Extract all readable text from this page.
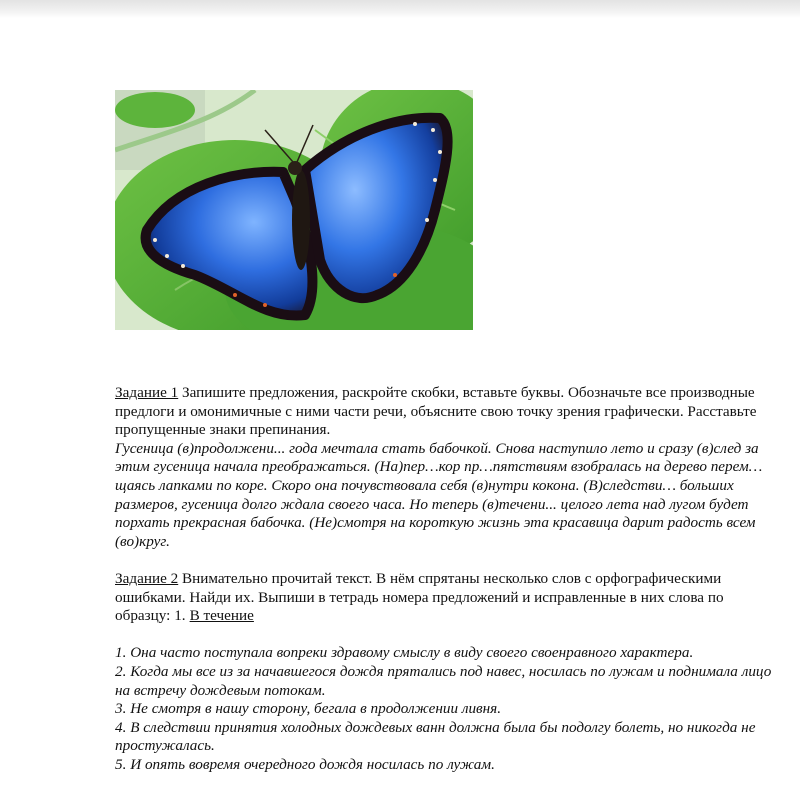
Задание 1 Запишите предложения, раскройте скобки, вставьте буквы. Обозначьте все производные предлоги и омонимичные с ними части речи, объясните свою точку зрения графически. Расставьте пропущенные знаки препинания.

Гусеница (в)продолжени... года мечтала стать бабочкой. Снова наступило лето и сразу (в)след за этим гусеница начала преображаться. (На)пер…кор пр…пятствиям взобралась на дерево перем…щаясь лапками по коре. Скоро она почувствовала себя (в)нутри кокона. (В)следстви… больших размеров, гусеница долго ждала своего часа. Но теперь (в)течени... целого лета над лугом будет порхать прекрасная бабочка. (Не)смотря на короткую жизнь эта красавица дарит радость всем (во)круг.

Задание 2 Внимательно прочитай текст. В нём спрятаны несколько слов с орфографическими ошибками. Найди их. Выпиши в тетрадь номера предложений и исправленные в них слова по образцу: 1. В течение

1. Она часто поступала вопреки здравому смыслу в виду своего своенравного характера.

2. Когда мы все из за начавшегося дождя прятались под навес, носилась по лужам и поднимала лицо на встречу дождевым потокам.

3. Не смотря в нашу сторону, бегала в продолжении ливня.

4. В следствии принятия холодных дождевых ванн должна была бы подолгу болеть, но никогда не простужалась.

5. И опять вовремя очередного дождя носилась по лужам.
